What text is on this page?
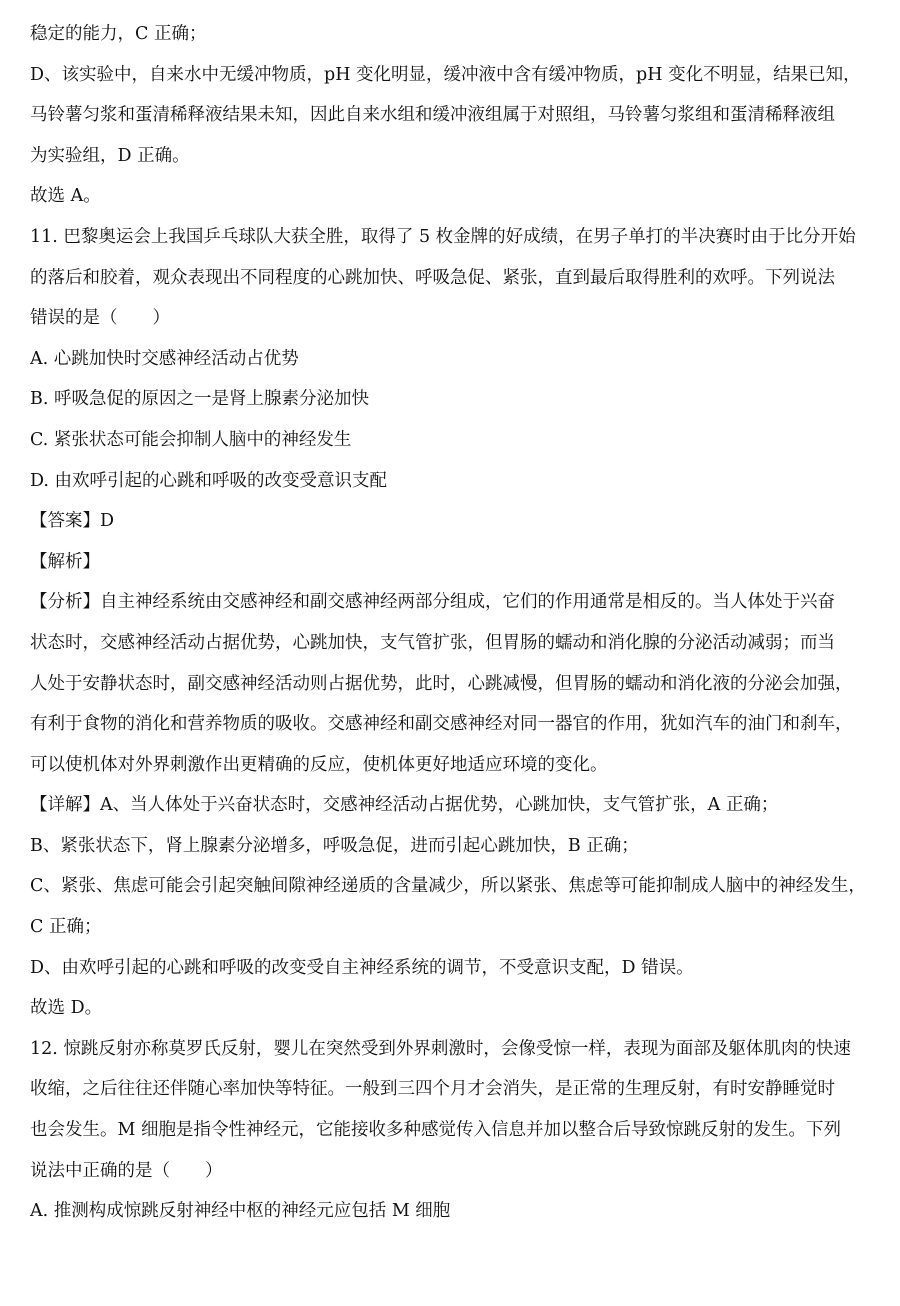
稳定的能力，C 正确；
D、该实验中，自来水中无缓冲物质，pH 变化明显，缓冲液中含有缓冲物质，pH 变化不明显，结果已知，
马铃薯匀浆和蛋清稀释液结果未知，因此自来水组和缓冲液组属于对照组，马铃薯匀浆组和蛋清稀释液组
为实验组，D 正确。
故选 A。
11. 巴黎奥运会上我国乒乓球队大获全胜，取得了 5 枚金牌的好成绩，在男子单打的半决赛时由于比分开始
的落后和胶着，观众表现出不同程度的心跳加快、呼吸急促、紧张，直到最后取得胜利的欢呼。下列说法
错误的是（　　）
A. 心跳加快时交感神经活动占优势
B. 呼吸急促的原因之一是肾上腺素分泌加快
C. 紧张状态可能会抑制人脑中的神经发生
D. 由欢呼引起的心跳和呼吸的改变受意识支配
【答案】D
【解析】
【分析】自主神经系统由交感神经和副交感神经两部分组成，它们的作用通常是相反的。当人体处于兴奋
状态时，交感神经活动占据优势，心跳加快，支气管扩张，但胃肠的蠕动和消化腺的分泌活动减弱；而当
人处于安静状态时，副交感神经活动则占据优势，此时，心跳减慢，但胃肠的蠕动和消化液的分泌会加强，
有利于食物的消化和营养物质的吸收。交感神经和副交感神经对同一器官的作用，犹如汽车的油门和刹车，
可以使机体对外界刺激作出更精确的反应，使机体更好地适应环境的变化。
【详解】A、当人体处于兴奋状态时，交感神经活动占据优势，心跳加快，支气管扩张，A 正确；
B、紧张状态下，肾上腺素分泌增多，呼吸急促，进而引起心跳加快，B 正确；
C、紧张、焦虑可能会引起突触间隙神经递质的含量减少，所以紧张、焦虑等可能抑制成人脑中的神经发生，
C 正确；
D、由欢呼引起的心跳和呼吸的改变受自主神经系统的调节，不受意识支配，D 错误。
故选 D。
12. 惊跳反射亦称莫罗氏反射，婴儿在突然受到外界刺激时，会像受惊一样，表现为面部及躯体肌肉的快速
收缩，之后往往还伴随心率加快等特征。一般到三四个月才会消失，是正常的生理反射，有时安静睡觉时
也会发生。M 细胞是指令性神经元，它能接收多种感觉传入信息并加以整合后导致惊跳反射的发生。下列
说法中正确的是（　　）
A. 推测构成惊跳反射神经中枢的神经元应包括 M 细胞
